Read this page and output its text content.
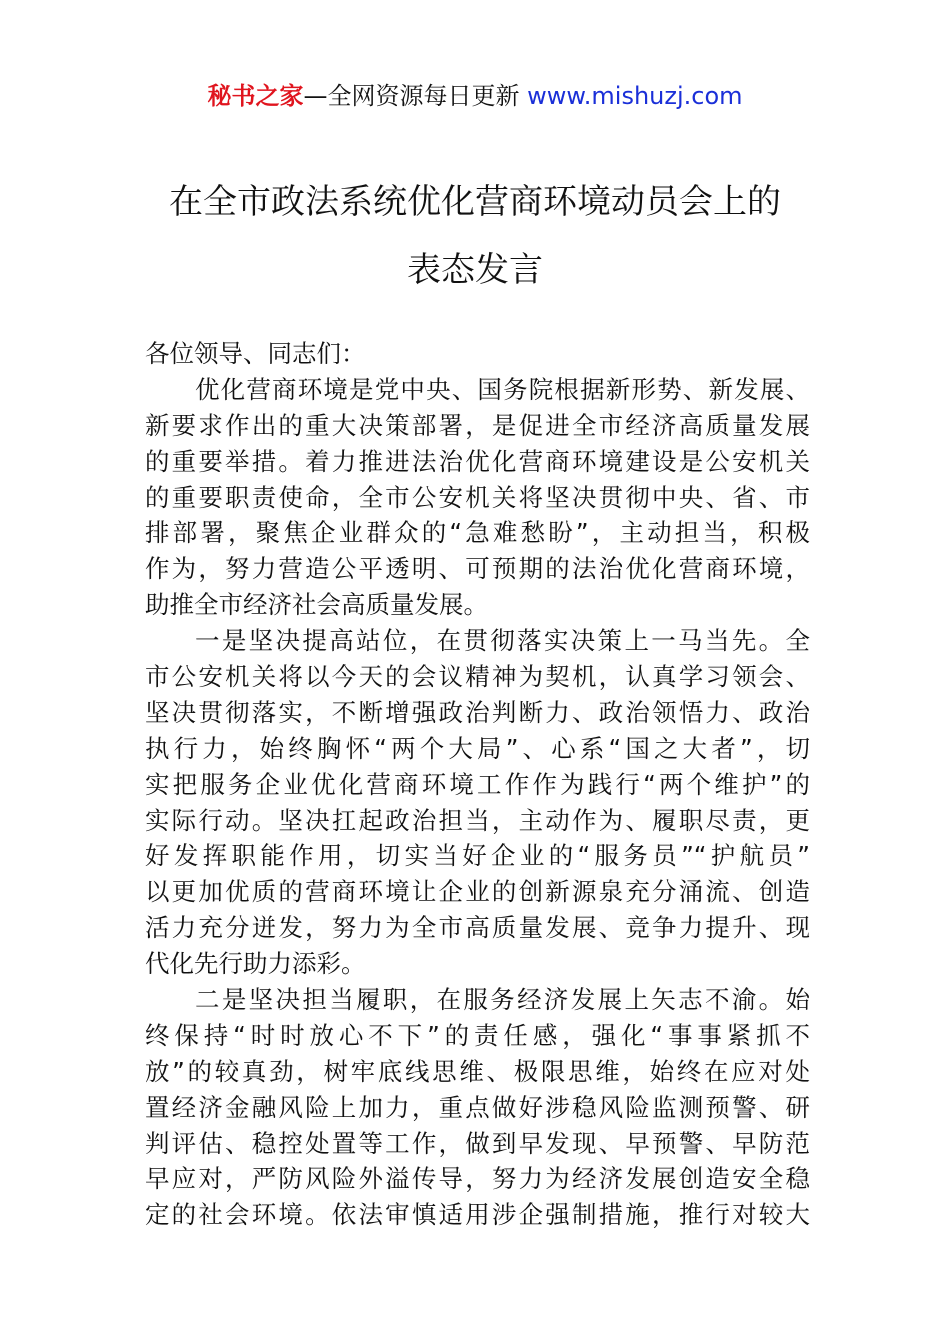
秘书之家—全网资源每日更新 www.mishuzj.com
在全市政法系统优化营商环境动员会上的
表态发言
各位领导、同志们：
优化营商环境是党中央、国务院根据新形势、新发展、
新要求作出的重大决策部署，是促进全市经济高质量发展
的重要举措。着力推进法治优化营商环境建设是公安机关
的重要职责使命，全市公安机关将坚决贯彻中央、省、市
排部署，聚焦企业群众的“急难愁盼”，主动担当，积极
作为，努力营造公平透明、可预期的法治优化营商环境，
助推全市经济社会高质量发展。
一是坚决提高站位，在贯彻落实决策上一马当先。全
市公安机关将以今天的会议精神为契机，认真学习领会、
坚决贯彻落实，不断增强政治判断力、政治领悟力、政治
执行力，始终胸怀“两个大局”、心系“国之大者”，切
实把服务企业优化营商环境工作作为践行“两个维护”的
实际行动。坚决扛起政治担当，主动作为、履职尽责，更
好发挥职能作用，切实当好企业的“服务员”“护航员”
以更加优质的营商环境让企业的创新源泉充分涌流、创造
活力充分迸发，努力为全市高质量发展、竞争力提升、现
代化先行助力添彩。
二是坚决担当履职，在服务经济发展上矢志不渝。始
终保持“时时放心不下”的责任感，强化“事事紧抓不
放”的较真劲，树牢底线思维、极限思维，始终在应对处
置经济金融风险上加力，重点做好涉稳风险监测预警、研
判评估、稳控处置等工作，做到早发现、早预警、早防范
早应对，严防风险外溢传导，努力为经济发展创造安全稳
定的社会环境。依法审慎适用涉企强制措施，推行对较大
